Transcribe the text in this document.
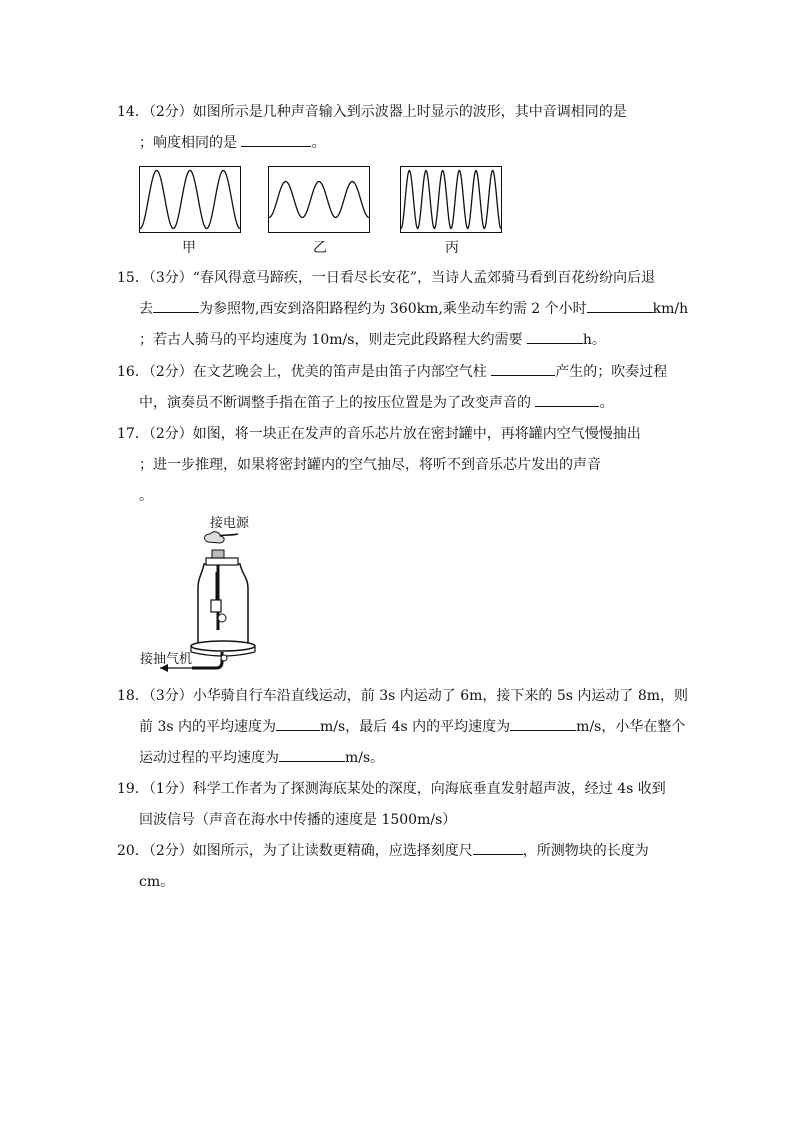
14．（2分）如图所示是几种声音输入到示波器上时显示的波形，其中音调相同的是
；响度相同的是	。
甲	乙	丙
15．（3分）“春风得意马蹄疾，一日看尽长安花”，当诗人孟郊骑马看到百花纷纷向后退
去	为参照物,西安到洛阳路程约为 360km,乘坐动车约需 2 个小时	km/h
；若古人骑马的平均速度为 10m/s，则走完此段路程大约需要	h。
16．（2分）在文艺晚会上，优美的笛声是由笛子内部空气柱	产生的；吹奏过程
中，演奏员不断调整手指在笛子上的按压位置是为了改变声音的	。
17．（2分）如图，将一块正在发声的音乐芯片放在密封罐中，再将罐内空气慢慢抽出
；进一步推理，如果将密封罐内的空气抽尽，将听不到音乐芯片发出的声音
。
接电源
接抽气机
18．（3分）小华骑自行车沿直线运动，前 3s 内运动了 6m，接下来的 5s 内运动了 8m，则
前 3s 内的平均速度为	m/s，最后 4s 内的平均速度为	m/s，小华在整个
运动过程的平均速度为	m/s。
19．（1分）科学工作者为了探测海底某处的深度，向海底垂直发射超声波，经过 4s 收到
回波信号（声音在海水中传播的速度是 1500m/s）
20．（2分）如图所示，为了让读数更精确，应选择刻度尺	，所测物块的长度为
cm。
